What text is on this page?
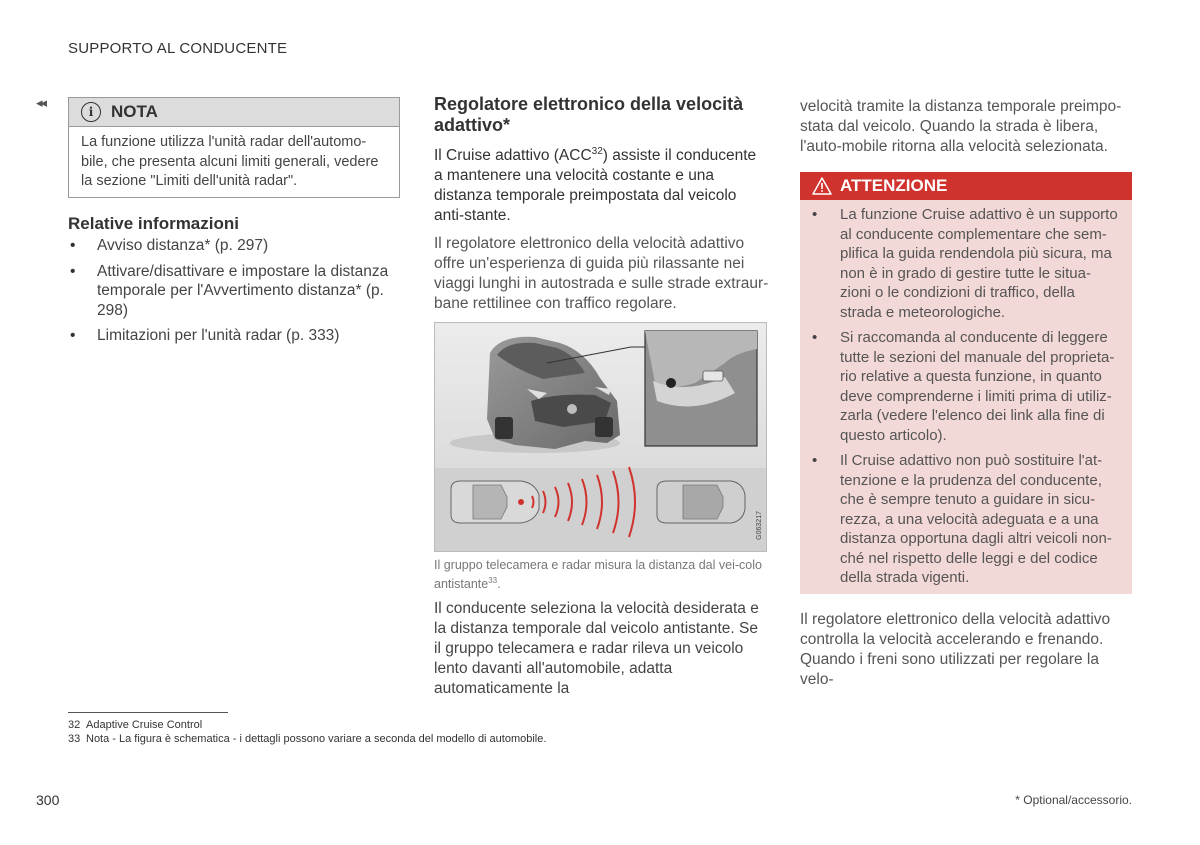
SUPPORTO AL CONDUCENTE
◂◂
i	NOTA
La funzione utilizza l'unità radar dell'automo-bile, che presenta alcuni limiti generali, vedere la sezione "Limiti dell'unità radar".
Relative informazioni
• Avviso distanza* (p. 297)
• Attivare/disattivare e impostare la distanza temporale per l'Avvertimento distanza* (p. 298)
• Limitazioni per l'unità radar (p. 333)
Regolatore elettronico della velocità adattivo*
Il Cruise adattivo (ACC$^{32}$) assiste il conducente a mantenere una velocità costante e una distanza temporale preimpostata dal veicolo anti-stante.
Il regolatore elettronico della velocità adattivo offre un'esperienza di guida più rilassante nei viaggi lunghi in autostrada e sulle strade extraur-bane rettilinee con traffico regolare.
G063217
Il gruppo telecamera e radar misura la distanza dal vei-colo antistante$^{33}$.
Il conducente seleziona la velocità desiderata e la distanza temporale dal veicolo antistante. Se il gruppo telecamera e radar rileva un veicolo lento davanti all'automobile, adatta automaticamente la
velocità tramite la distanza temporale preimpo-stata dal veicolo. Quando la strada è libera, l'auto-mobile ritorna alla velocità selezionata.
ATTENZIONE
• La funzione Cruise adattivo è un supporto al conducente complementare che sem-plifica la guida rendendola più sicura, ma non è in grado di gestire tutte le situa-zioni o le condizioni di traffico, della strada e meteorologiche.
• Si raccomanda al conducente di leggere tutte le sezioni del manuale del proprieta-rio relative a questa funzione, in quanto deve comprenderne i limiti prima di utiliz-zarla (vedere l'elenco dei link alla fine di questo articolo).
• Il Cruise adattivo non può sostituire l'at-tenzione e la prudenza del conducente, che è sempre tenuto a guidare in sicu-rezza, a una velocità adeguata e a una distanza opportuna dagli altri veicoli non-ché nel rispetto delle leggi e del codice della strada vigenti.
Il regolatore elettronico della velocità adattivo controlla la velocità accelerando e frenando. Quando i freni sono utilizzati per regolare la velo-
32 Adaptive Cruise Control
33 Nota - La figura è schematica - i dettagli possono variare a seconda del modello di automobile.
300	* Optional/accessorio.
